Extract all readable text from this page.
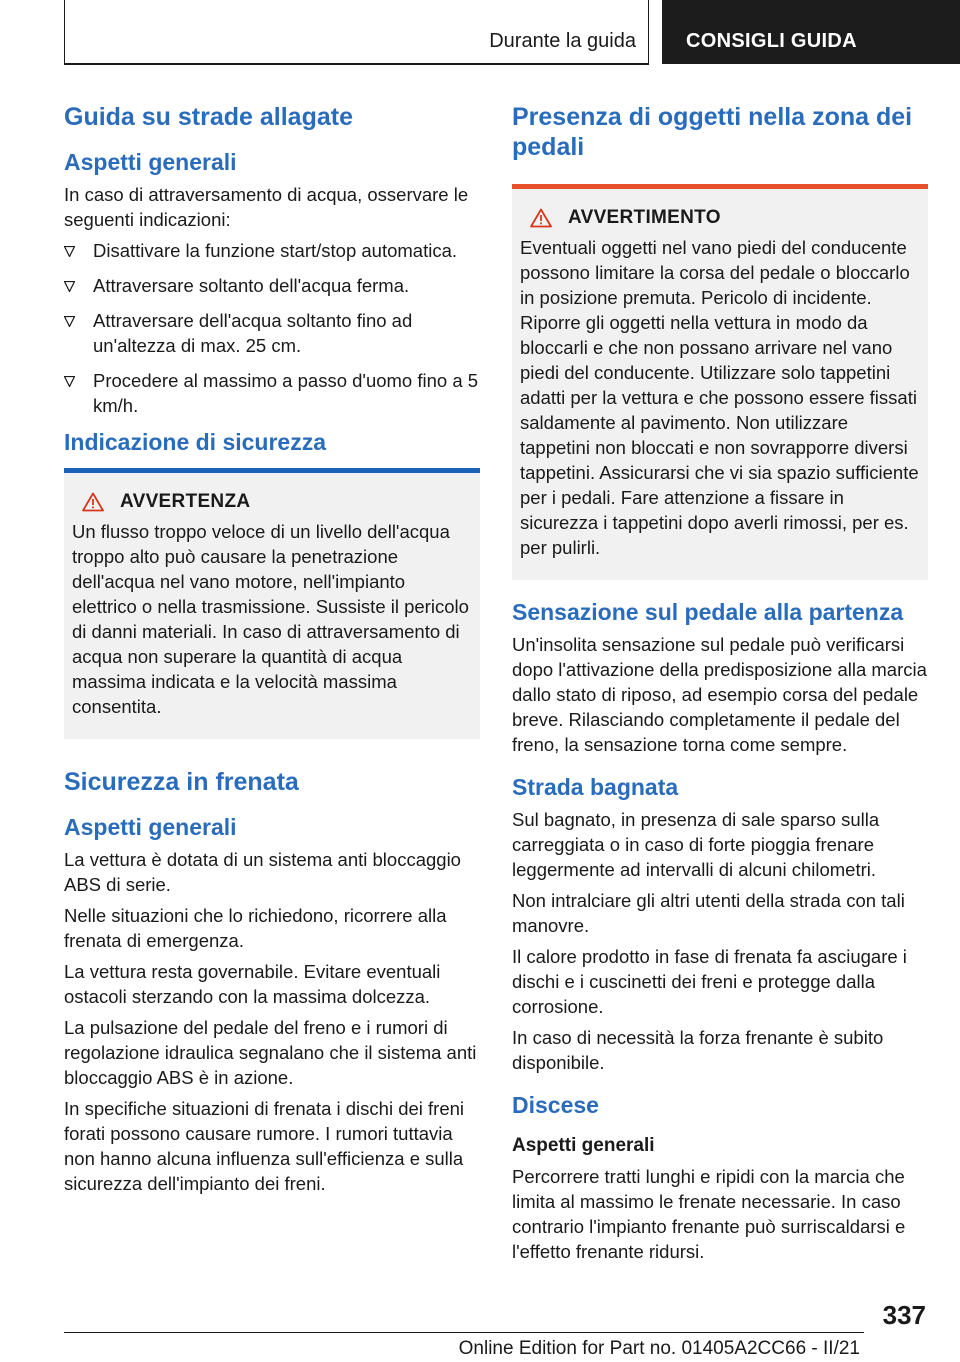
Durante la guida	CONSIGLI GUIDA
Guida su strade allagate
Aspetti generali

In caso di attraversamento di acqua, osservare le seguenti indicazioni:

Disattivare la funzione start/stop automatica.
Attraversare soltanto dell'acqua ferma.
Attraversare dell'acqua soltanto fino ad un'altezza di max. 25 cm.
Procedere al massimo a passo d'uomo fino a 5 km/h.
Indicazione di sicurezza
AVVERTENZA

Un flusso troppo veloce di un livello dell'acqua troppo alto può causare la penetrazione dell'acqua nel vano motore, nell'impianto elettrico o nella trasmissione. Sussiste il pericolo di danni materiali. In caso di attraversamento di acqua non superare la quantità di acqua massima indicata e la velocità massima consentita.

Sicurezza in frenata
Aspetti generali

La vettura è dotata di un sistema anti bloccaggio ABS di serie.

Nelle situazioni che lo richiedono, ricorrere alla frenata di emergenza.

La vettura resta governabile. Evitare eventuali ostacoli sterzando con la massima dolcezza.

La pulsazione del pedale del freno e i rumori di regolazione idraulica segnalano che il sistema anti bloccaggio ABS è in azione.

In specifiche situazioni di frenata i dischi dei freni forati possono causare rumore. I rumori tuttavia non hanno alcuna influenza sull'efficienza e sulla sicurezza dell'impianto dei freni.

Presenza di oggetti nella zona dei pedali
AVVERTIMENTO

Eventuali oggetti nel vano piedi del conducente possono limitare la corsa del pedale o bloccarlo in posizione premuta. Pericolo di incidente. Riporre gli oggetti nella vettura in modo da bloccarli e che non possano arrivare nel vano piedi del conducente. Utilizzare solo tappetini adatti per la vettura e che possono essere fissati saldamente al pavimento. Non utilizzare tappetini non bloccati e non sovrapporre diversi tappetini. Assicurarsi che vi sia spazio sufficiente per i pedali. Fare attenzione a fissare in sicurezza i tappetini dopo averli rimossi, per es. per pulirli.

Sensazione sul pedale alla partenza

Un'insolita sensazione sul pedale può verificarsi dopo l'attivazione della predisposizione alla marcia dallo stato di riposo, ad esempio corsa del pedale breve. Rilasciando completamente il pedale del freno, la sensazione torna come sempre.

Strada bagnata

Sul bagnato, in presenza di sale sparso sulla carreggiata o in caso di forte pioggia frenare leggermente ad intervalli di alcuni chilometri.

Non intralciare gli altri utenti della strada con tali manovre.

Il calore prodotto in fase di frenata fa asciugare i dischi e i cuscinetti dei freni e protegge dalla corrosione.

In caso di necessità la forza frenante è subito disponibile.

Discese
Aspetti generali

Percorrere tratti lunghi e ripidi con la marcia che limita al massimo le frenate necessarie. In caso contrario l'impianto frenante può surriscaldarsi e l'effetto frenante ridursi.

337
Online Edition for Part no. 01405A2CC66 - II/21
